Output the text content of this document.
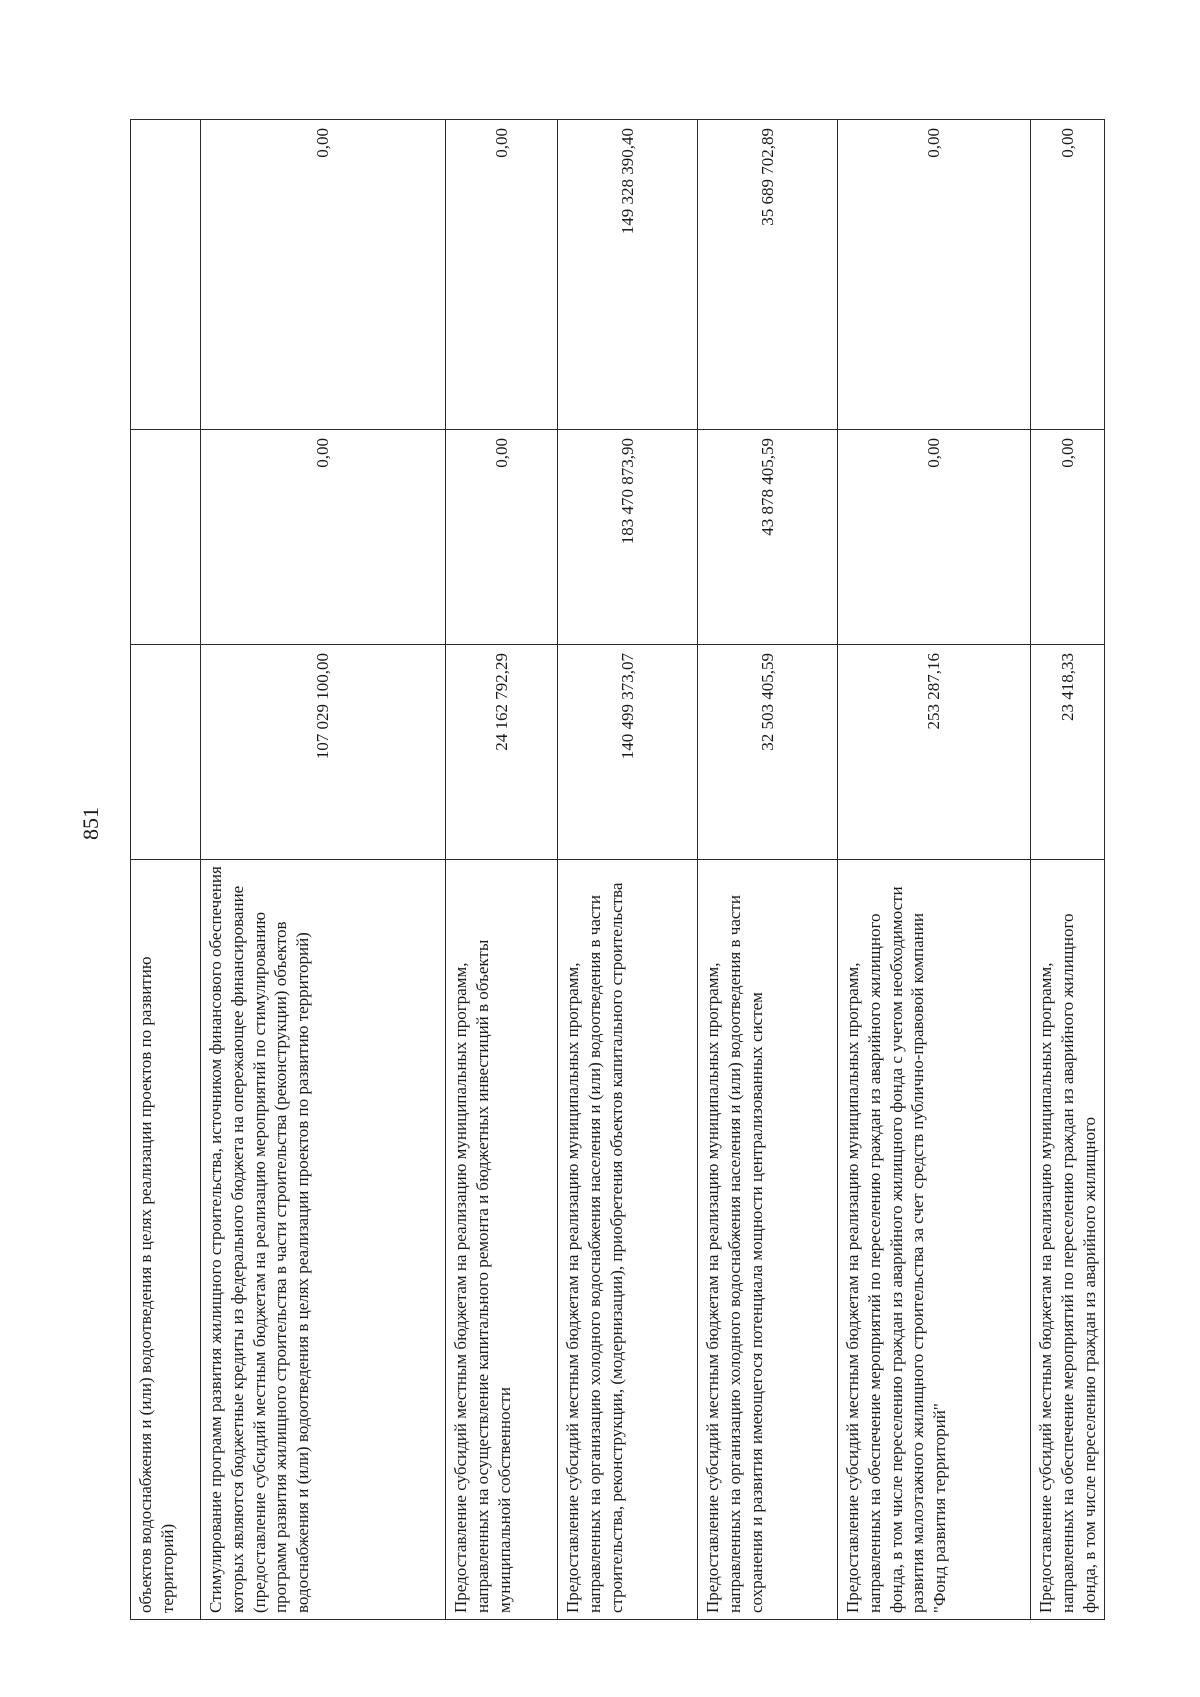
851
объектов водоснабжения и (или) водоотведения в целях реализации проектов по развитию территорий)			
Стимулирование программ развития жилищного строительства, источником финансового обеспечения которых являются бюджетные кредиты из федерального бюджета на опережающее финансирование (предоставление субсидий местным бюджетам на реализацию мероприятий по стимулированию программ развития жилищного строительства в части строительства (реконструкции) объектов водоснабжения и (или) водоотведения в целях реализации проектов по развитию территорий)	107 029 100,00	0,00	0,00
Предоставление субсидий местным бюджетам на реализацию муниципальных программ, направленных на осуществление капитального ремонта и бюджетных инвестиций в объекты муниципальной собственности	24 162 792,29	0,00	0,00
Предоставление субсидий местным бюджетам на реализацию муниципальных программ, направленных на организацию холодного водоснабжения населения и (или) водоотведения в части строительства, реконструкции, (модернизации), приобретения объектов капитального строительства	140 499 373,07	183 470 873,90	149 328 390,40
Предоставление субсидий местным бюджетам на реализацию муниципальных программ, направленных на организацию холодного водоснабжения населения и (или) водоотведения в части сохранения и развития имеющегося потенциала мощности централизованных систем	32 503 405,59	43 878 405,59	35 689 702,89
Предоставление субсидий местным бюджетам на реализацию муниципальных программ, направленных на обеспечение мероприятий по переселению граждан из аварийного жилищного фонда, в том числе переселению граждан из аварийного жилищного фонда с учетом необходимости развития малоэтажного жилищного строительства за счет средств публично-правовой компании "Фонд развития территорий"	253 287,16	0,00	0,00
Предоставление субсидий местным бюджетам на реализацию муниципальных программ, направленных на обеспечение мероприятий по переселению граждан из аварийного жилищного фонда, в том числе переселению граждан из аварийного жилищного	23 418,33	0,00	0,00
